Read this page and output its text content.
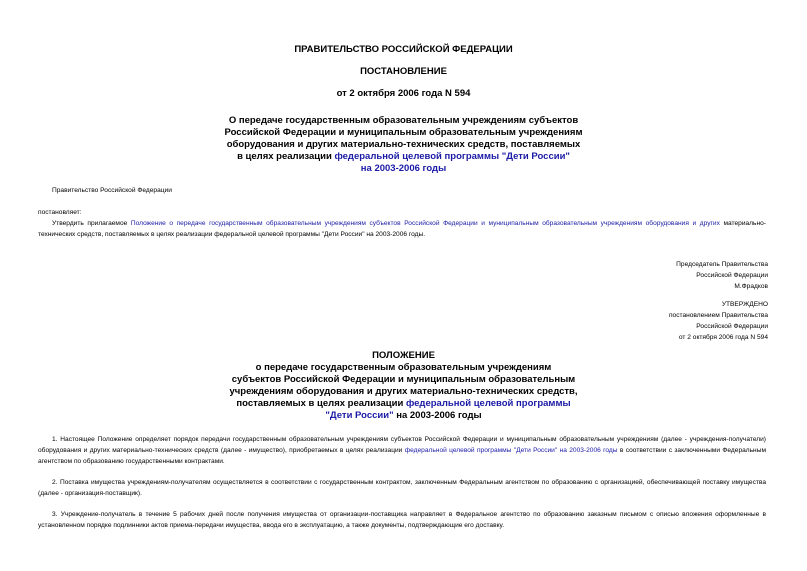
ПРАВИТЕЛЬСТВО РОССИЙСКОЙ ФЕДЕРАЦИИ
ПОСТАНОВЛЕНИЕ
от 2 октября 2006 года N 594
О передаче государственным образовательным учреждениям субъектов
Российской Федерации и муниципальным образовательным учреждениям
оборудования и других материально-технических средств, поставляемых
в целях реализации федеральной целевой программы "Дети России"
на 2003-2006 годы
Правительство Российской Федерации
постановляет:
Утвердить прилагаемое Положение о передаче государственным образовательным учреждениям субъектов Российской Федерации и муниципальным образовательным учреждениям оборудования и других материально-технических средств, поставляемых в целях реализации федеральной целевой программы "Дети России" на 2003-2006 годы.
Председатель Правительства
Российской Федерации
М.Фрадков
УТВЕРЖДЕНО
постановлением Правительства
Российской Федерации
от 2 октября 2006 года N 594
ПОЛОЖЕНИЕ
о передаче государственным образовательным учреждениям
субъектов Российской Федерации и муниципальным образовательным
учреждениям оборудования и других материально-технических средств,
поставляемых в целях реализации федеральной целевой программы
"Дети России" на 2003-2006 годы
1. Настоящее Положение определяет порядок передачи государственным образовательным учреждениям субъектов Российской Федерации и муниципальным образовательным учреждениям (далее - учреждения-получатели) оборудования и других материально-технических средств (далее - имущество), приобретаемых в целях реализации федеральной целевой программы "Дети России" на 2003-2006 годы в соответствии с заключенными Федеральным агентством по образованию государственными контрактами.
2. Поставка имущества учреждениям-получателям осуществляется в соответствии с государственным контрактом, заключенным Федеральным агентством по образованию с организацией, обеспечивающей поставку имущества (далее - организация-поставщик).
3. Учреждение-получатель в течение 5 рабочих дней после получения имущества от организации-поставщика направляет в Федеральное агентство по образованию заказным письмом с описью вложения оформленные в установленном порядке подлинники актов приема-передачи имущества, ввода его в эксплуатацию, а также документы, подтверждающие его доставку.
